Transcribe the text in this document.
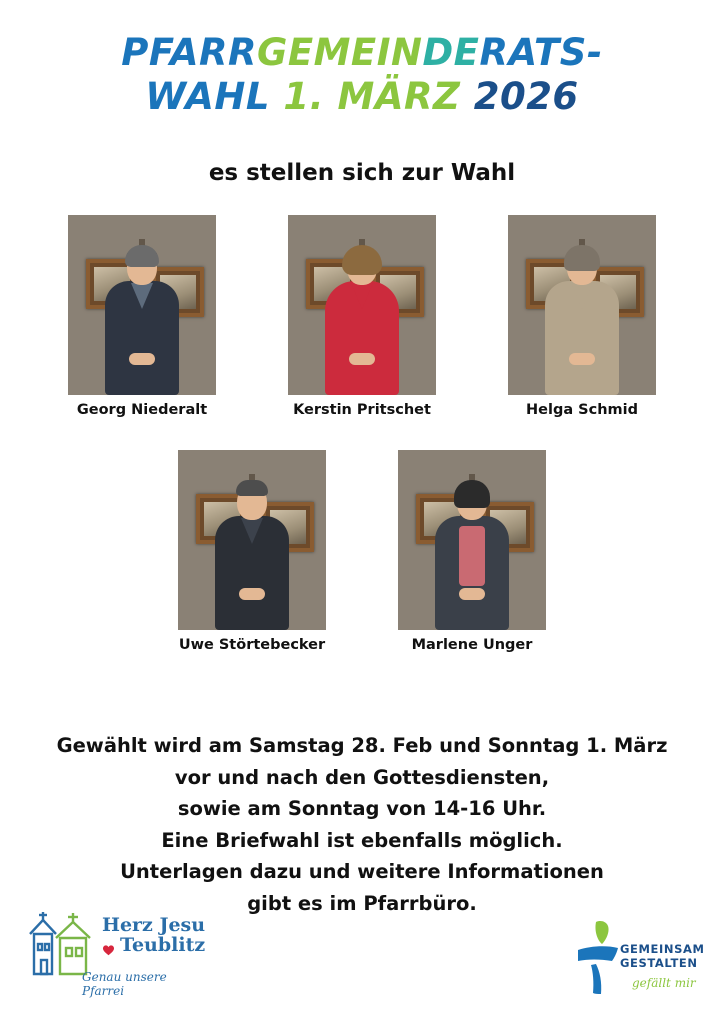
PFARRGEMEINDERATS-
WAHL 1. MÄRZ 2026
es stellen sich zur Wahl
Georg Niederalt	Kerstin Pritschet	Helga Schmid
Uwe Störtebecker	Marlene Unger
Gewählt wird am Samstag 28. Feb und Sonntag 1. März
vor und nach den Gottesdiensten,
sowie am Sonntag von 14-16 Uhr.
Eine Briefwahl ist ebenfalls möglich.
Unterlagen dazu und weitere Informationen
gibt es im Pfarrbüro.
Herz Jesu
Teublitz
Genau unsere Pfarrei
GEMEINSAM
GESTALTEN
gefällt mir
